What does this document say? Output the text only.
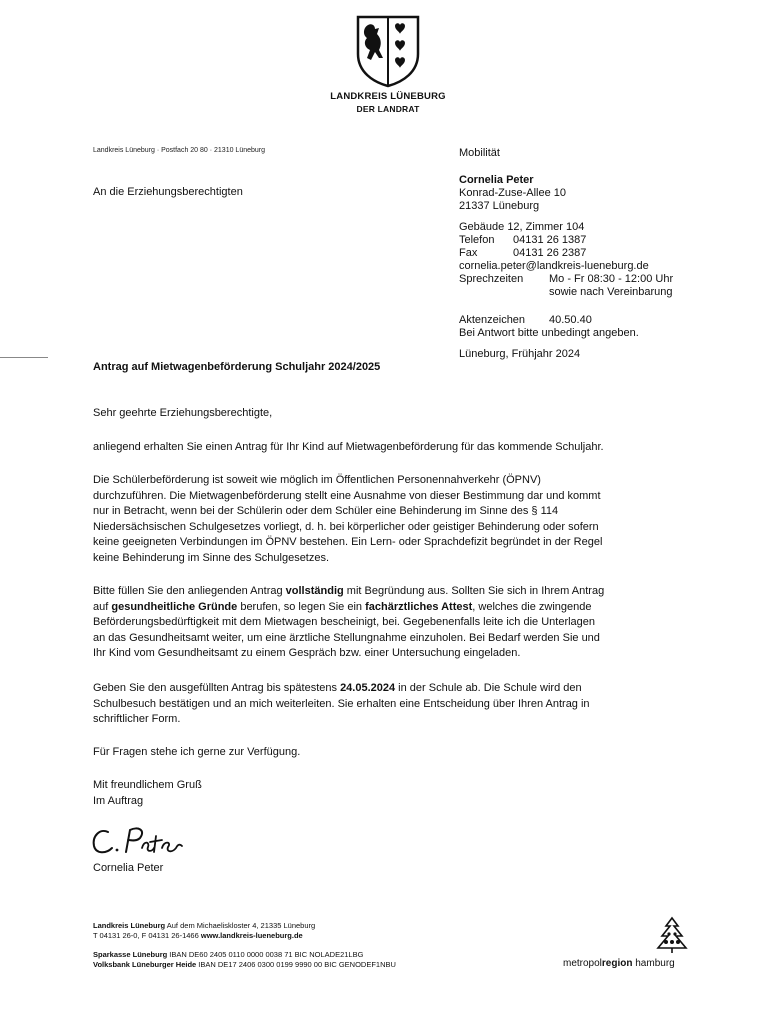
LANDKREIS LÜNEBURG
DER LANDRAT
Landkreis Lüneburg · Postfach 20 80 · 21310 Lüneburg
An die Erziehungsberechtigten
Mobilität
Cornelia Peter
Konrad-Zuse-Allee 10
21337 Lüneburg
Gebäude 12, Zimmer 104
Telefon 04131 26 1387
Fax	04131 26 2387
cornelia.peter@landkreis-lueneburg.de
Sprechzeiten Mo - Fr 08:30 - 12:00 Uhr
sowie nach Vereinbarung
Aktenzeichen 40.50.40
Bei Antwort bitte unbedingt angeben.
Lüneburg, Frühjahr 2024
Antrag auf Mietwagenbeförderung Schuljahr 2024/2025
Sehr geehrte Erziehungsberechtigte,
anliegend erhalten Sie einen Antrag für Ihr Kind auf Mietwagenbeförderung für das kommende Schuljahr.
Die Schülerbeförderung ist soweit wie möglich im Öffentlichen Personennahverkehr (ÖPNV)
durchzuführen. Die Mietwagenbeförderung stellt eine Ausnahme von dieser Bestimmung dar und kommt
nur in Betracht, wenn bei der Schülerin oder dem Schüler eine Behinderung im Sinne des § 114
Niedersächsischen Schulgesetzes vorliegt, d. h. bei körperlicher oder geistiger Behinderung oder sofern
keine geeigneten Verbindungen im ÖPNV bestehen. Ein Lern- oder Sprachdefizit begründet in der Regel
keine Behinderung im Sinne des Schulgesetzes.
Bitte füllen Sie den anliegenden Antrag vollständig mit Begründung aus. Sollten Sie sich in Ihrem Antrag
auf gesundheitliche Gründe berufen, so legen Sie ein fachärztliches Attest, welches die zwingende
Beförderungsbedürftigkeit mit dem Mietwagen bescheinigt, bei. Gegebenenfalls leite ich die Unterlagen
an das Gesundheitsamt weiter, um eine ärztliche Stellungnahme einzuholen. Bei Bedarf werden Sie und
Ihr Kind vom Gesundheitsamt zu einem Gespräch bzw. einer Untersuchung eingeladen.
Geben Sie den ausgefüllten Antrag bis spätestens 24.05.2024 in der Schule ab. Die Schule wird den
Schulbesuch bestätigen und an mich weiterleiten. Sie erhalten eine Entscheidung über Ihren Antrag in
schriftlicher Form.
Für Fragen stehe ich gerne zur Verfügung.
Mit freundlichem Gruß
Im Auftrag
Cornelia Peter
Landkreis Lüneburg Auf dem Michaeliskloster 4, 21335 Lüneburg
T 04131 26-0, F 04131 26-1466 www.landkreis-lueneburg.de
Sparkasse Lüneburg IBAN DE60 2405 0110 0000 0038 71 BIC NOLADE21LBG
Volksbank Lüneburger Heide IBAN DE17 2406 0300 0199 9990 00 BIC GENODEF1NBU	metropolregion hamburg
